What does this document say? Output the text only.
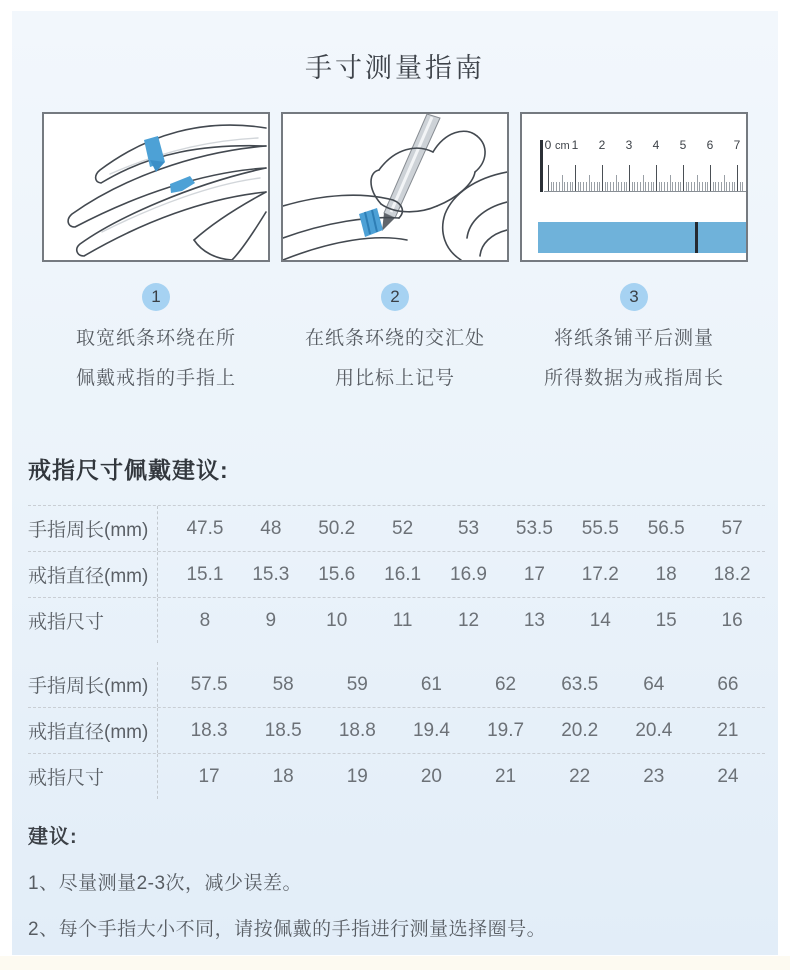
手寸测量指南
0	1	2	3	4	5	6	7
cm
1
取宽纸条环绕在所
佩戴戒指的手指上
2
在纸条环绕的交汇处
用比标上记号
3
将纸条铺平后测量
所得数据为戒指周长
戒指尺寸佩戴建议:
手指周长(mm)	47.5	48	50.2	52	53	53.5	55.5	56.5	57
戒指直径(mm)	15.1	15.3	15.6	16.1	16.9	17	17.2	18	18.2
戒指尺寸	8	9	10	11	12	13	14	15	16
手指周长(mm)	57.5	58	59	61	62	63.5	64	66
戒指直径(mm)	18.3	18.5	18.8	19.4	19.7	20.2	20.4	21
戒指尺寸	17	18	19	20	21	22	23	24
建议:
1、尽量测量2-3次，减少误差。
2、每个手指大小不同，请按佩戴的手指进行测量选择圈号。
